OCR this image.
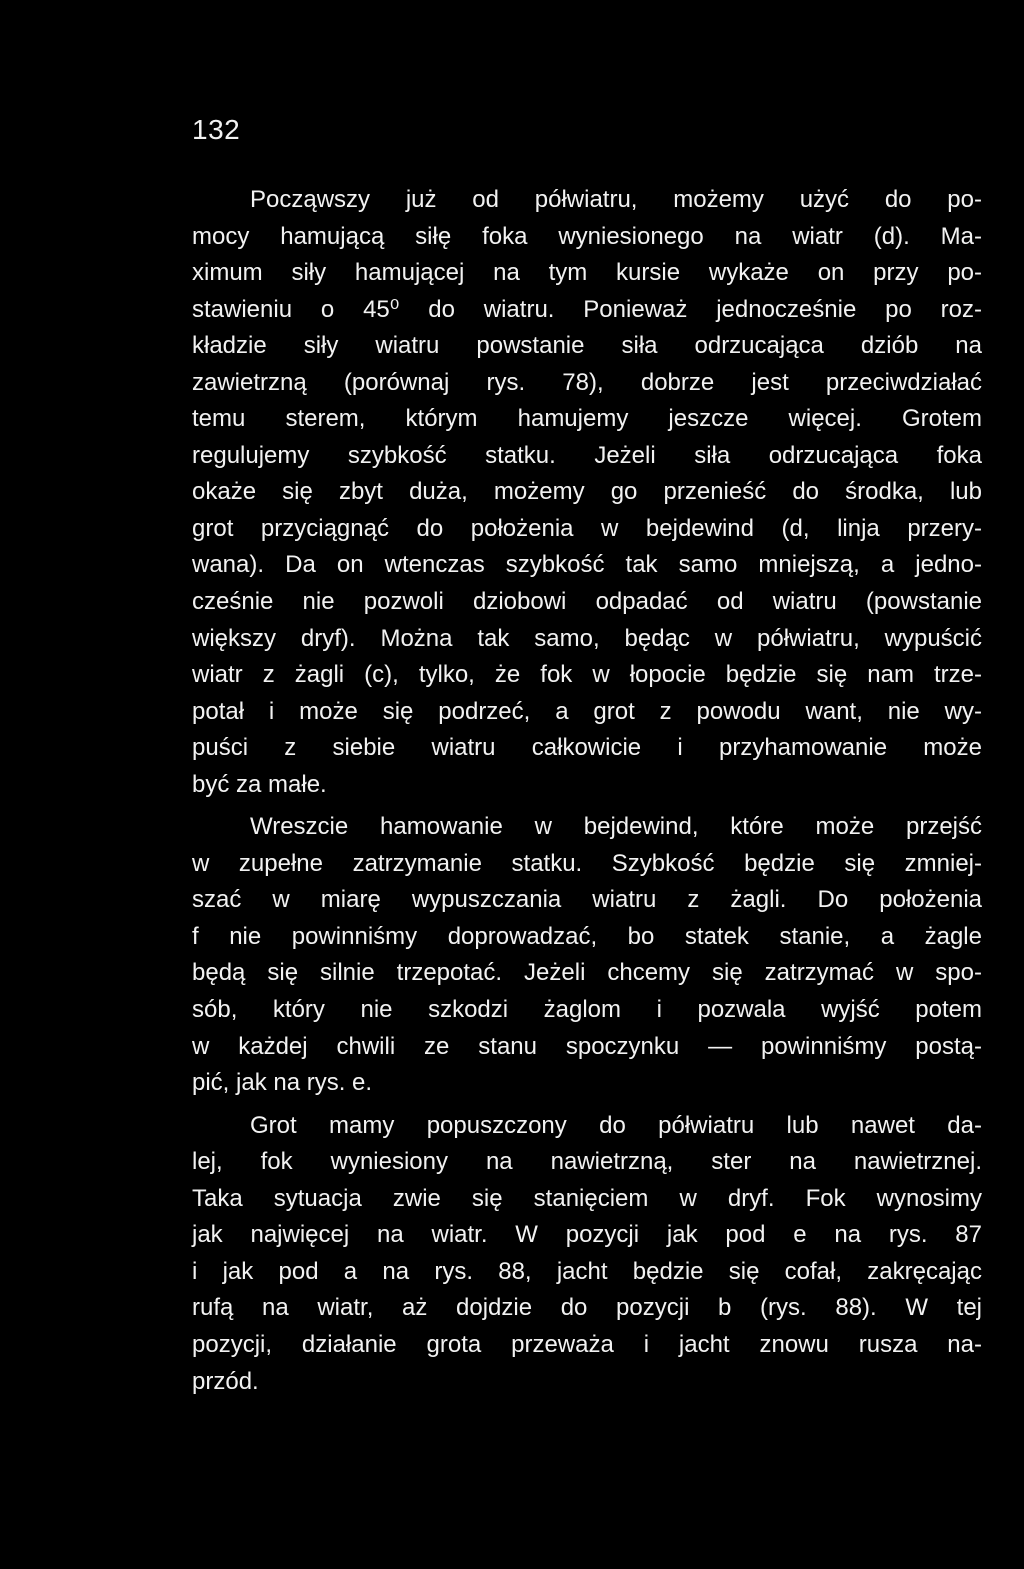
132
Począwszy już od półwiatru, możemy użyć do po-
mocy hamującą siłę foka wyniesionego na wiatr (d). Ma-
ximum siły hamującej na tym kursie wykaże on przy po-
stawieniu o 45⁰ do wiatru. Ponieważ jednocześnie po roz-
kładzie siły wiatru powstanie siła odrzucająca dziób na
zawietrzną (porównaj rys. 78), dobrze jest przeciwdziałać
temu sterem, którym hamujemy jeszcze więcej. Grotem
regulujemy szybkość statku. Jeżeli siła odrzucająca foka
okaże się zbyt duża, możemy go przenieść do środka, lub
grot przyciągnąć do położenia w bejdewind (d, linja przery-
wana). Da on wtenczas szybkość tak samo mniejszą, a jedno-
cześnie nie pozwoli dziobowi odpadać od wiatru (powstanie
większy dryf). Można tak samo, będąc w półwiatru, wypuścić
wiatr z żagli (c), tylko, że fok w łopocie będzie się nam trze-
potał i może się podrzeć, a grot z powodu want, nie wy-
puści z siebie wiatru całkowicie i przyhamowanie może
być za małe.
Wreszcie hamowanie w bejdewind, które może przejść
w zupełne zatrzymanie statku. Szybkość będzie się zmniej-
szać w miarę wypuszczania wiatru z żagli. Do położenia
f nie powinniśmy doprowadzać, bo statek stanie, a żagle
będą się silnie trzepotać. Jeżeli chcemy się zatrzymać w spo-
sób, który nie szkodzi żaglom i pozwala wyjść potem
w każdej chwili ze stanu spoczynku — powinniśmy postą-
pić, jak na rys. e.
Grot mamy popuszczony do półwiatru lub nawet da-
lej, fok wyniesiony na nawietrzną, ster na nawietrznej.
Taka sytuacja zwie się stanięciem w dryf. Fok wynosimy
jak najwięcej na wiatr. W pozycji jak pod e na rys. 87
i jak pod a na rys. 88, jacht będzie się cofał, zakręcając
rufą na wiatr, aż dojdzie do pozycji b (rys. 88). W tej
pozycji, działanie grota przeważa i jacht znowu rusza na-
przód.
